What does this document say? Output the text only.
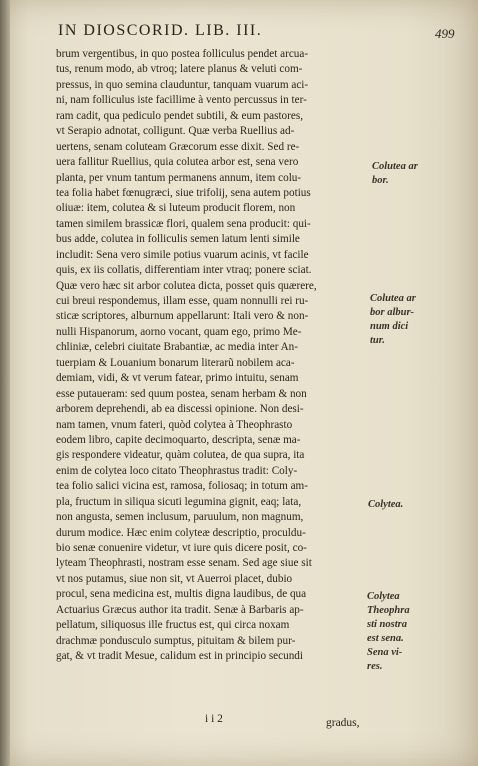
IN DIOSCORID. LIB. III.	499
brum vergentibus, in quo postea folliculus pendet arcua-
tus, renum modo, ab vtroq; latere planus & veluti com-
pressus, in quo semina clauduntur, tanquam vuarum aci-
ni, nam folliculus iste facillime à vento percussus in ter-
ram cadit, qua pediculo pendet subtili, & eum pastores,
vt Serapio adnotat, colligunt. Quæ verba Ruellius ad-
uertens, senam coluteam Græcorum esse dixit. Sed re-
uera fallitur Ruellius, quia colutea arbor est, sena vero
planta, per vnum tantum permanens annum, item colu-
tea folia habet fœnugræci, siue trifolij, sena autem potius
oliuæ: item, colutea & si luteum producit florem, non
tamen similem brassicæ flori, qualem sena producit: qui-
bus adde, colutea in folliculis semen latum lenti simile
includit: Sena vero simile potius vuarum acinis, vt facile
quis, ex iis collatis, differentiam inter vtraq; ponere sciat.
Quæ vero hæc sit arbor colutea dicta, posset quis quærere,
cui breui respondemus, illam esse, quam nonnulli rei ru-
sticæ scriptores, alburnum appellarunt: Itali vero & non-
nulli Hispanorum, aorno vocant, quam ego, primo Me-
chliniæ, celebri ciuitate Brabantiæ, ac media inter An-
tuerpiam & Louanium bonarum literarũ nobilem aca-
demiam, vidi, & vt verum fatear, primo intuitu, senam
esse putaueram: sed quum postea, senam herbam & non
arborem deprehendi, ab ea discessi opinione. Non desi-
nam tamen, vnum fateri, quòd colytea à Theophrasto
eodem libro, capite decimoquarto, descripta, senæ ma-
gis respondere videatur, quàm colutea, de qua supra, ita
enim de colytea loco citato Theophrastus tradit: Coly-
tea folio salici vicina est, ramosa, foliosaq; in totum am-
pla, fructum in siliqua sicuti legumina gignit, eaq; lata,
non angusta, semen inclusum, paruulum, non magnum,
durum modice. Hæc enim colyteæ descriptio, proculdu-
bio senæ conuenire videtur, vt iure quis dicere posit, co-
lyteam Theophrasti, nostram esse senam. Sed age siue sit
vt nos putamus, siue non sit, vt Auerroi placet, dubio
procul, sena medicina est, multis digna laudibus, de qua
Actuarius Græcus author ita tradit. Senæ à Barbaris ap-
pellatum, siliquosus ille fructus est, qui circa noxam
drachmæ pondusculo sumptus, pituitam & bilem pur-
gat, & vt tradit Mesue, calidum est in principio secundi
i i 2	gradus,
Colutea ar
bor.
Colutea ar
bor albur-
num dici
tur.
Colytea.
Colytea
Theophra
sti nostra
est sena.
Sena vi-
res.
